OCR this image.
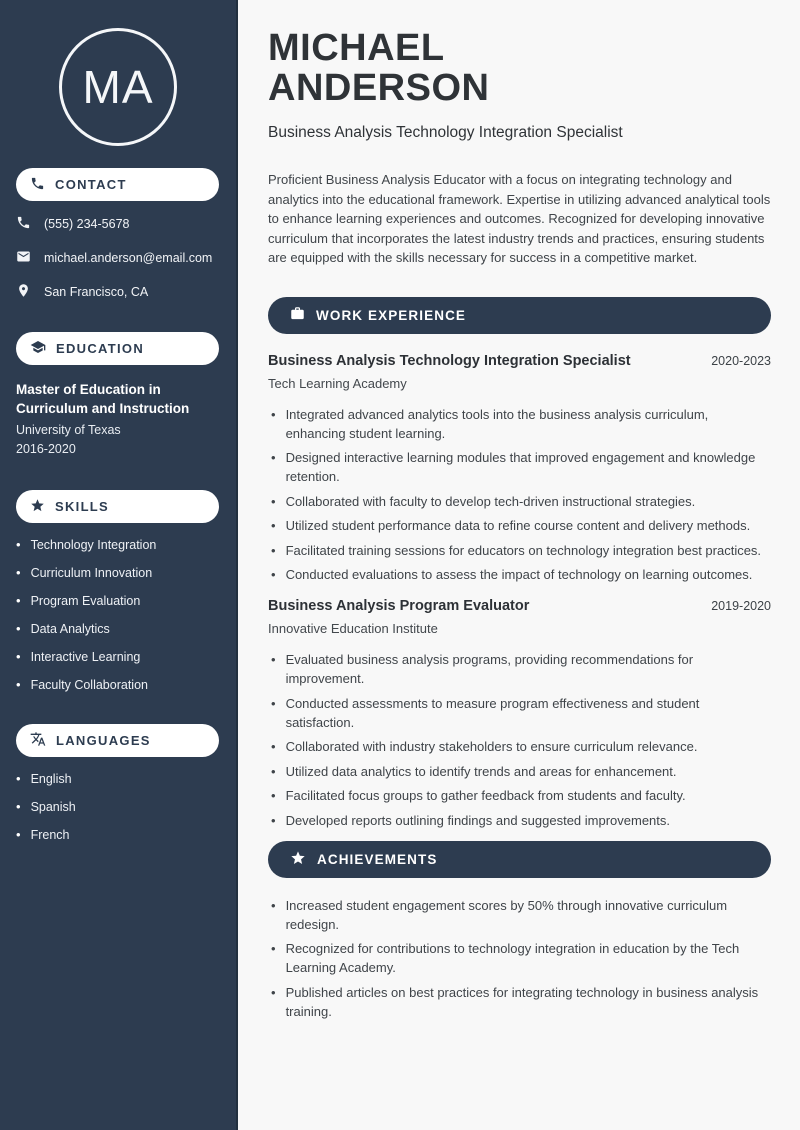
MA
CONTACT
(555) 234-5678
michael.anderson@email.com
San Francisco, CA
EDUCATION
Master of Education in Curriculum and Instruction
University of Texas
2016-2020
SKILLS
• Technology Integration
• Curriculum Innovation
• Program Evaluation
• Data Analytics
• Interactive Learning
• Faculty Collaboration
LANGUAGES
• English
• Spanish
• French
MICHAEL
ANDERSON
Business Analysis Technology Integration Specialist

Proficient Business Analysis Educator with a focus on integrating technology and analytics into the educational framework. Expertise in utilizing advanced analytical tools to enhance learning experiences and outcomes. Recognized for developing innovative curriculum that incorporates the latest industry trends and practices, ensuring students are equipped with the skills necessary for success in a competitive market.

WORK EXPERIENCE
Business Analysis Technology Integration Specialist	2020-2023
Tech Learning Academy
• Integrated advanced analytics tools into the business analysis curriculum, enhancing student learning.
• Designed interactive learning modules that improved engagement and knowledge retention.
• Collaborated with faculty to develop tech-driven instructional strategies.
• Utilized student performance data to refine course content and delivery methods.
• Facilitated training sessions for educators on technology integration best practices.
• Conducted evaluations to assess the impact of technology on learning outcomes.
Business Analysis Program Evaluator	2019-2020
Innovative Education Institute
• Evaluated business analysis programs, providing recommendations for improvement.
• Conducted assessments to measure program effectiveness and student satisfaction.
• Collaborated with industry stakeholders to ensure curriculum relevance.
• Utilized data analytics to identify trends and areas for enhancement.
• Facilitated focus groups to gather feedback from students and faculty.
• Developed reports outlining findings and suggested improvements.
ACHIEVEMENTS
• Increased student engagement scores by 50% through innovative curriculum redesign.
• Recognized for contributions to technology integration in education by the Tech Learning Academy.
• Published articles on best practices for integrating technology in business analysis training.
